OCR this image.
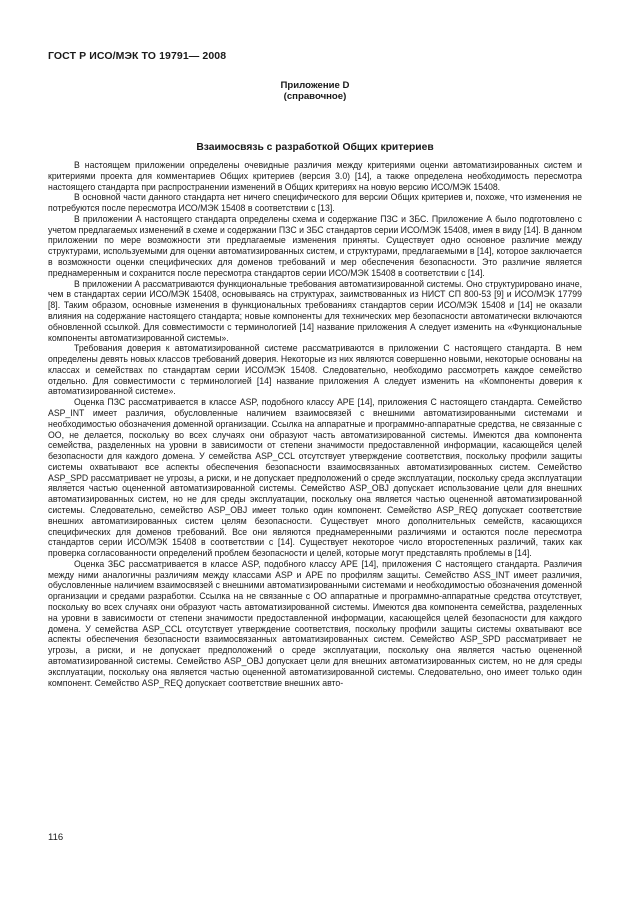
ГОСТ Р ИСО/МЭК ТО 19791— 2008
Приложение D
(справочное)
Взаимосвязь с разработкой Общих критериев

В настоящем приложении определены очевидные различия между критериями оценки автоматизированных систем и критериями проекта для комментариев Общих критериев (версия 3.0) [14], а также определена необходимость пересмотра настоящего стандарта при распространении изменений в Общих критериях на новую версию ИСО/МЭК 15408.

В основной части данного стандарта нет ничего специфического для версии Общих критериев и, похоже, что изменения не потребуются после пересмотра ИСО/МЭК 15408 в соответствии с [13].

В приложении А настоящего стандарта определены схема и содержание ПЗС и ЗБС. Приложение А было подготовлено с учетом предлагаемых изменений в схеме и содержании ПЗС и ЗБС стандартов серии ИСО/МЭК 15408, имея в виду [14]. В данном приложении по мере возможности эти предлагаемые изменения приняты. Существует одно основное различие между структурами, используемыми для оценки автоматизированных систем, и структурами, предлагаемыми в [14], которое заключается в возможности оценки специфических для доменов требований и мер обеспечения безопасности. Это различие является преднамеренным и сохранится после пересмотра стандартов серии ИСО/МЭК 15408 в соответствии с [14].

В приложении А рассматриваются функциональные требования автоматизированной системы. Оно структурировано иначе, чем в стандартах серии ИСО/МЭК 15408, основываясь на структурах, заимствованных из НИСТ СП 800-53 [9] и ИСО/МЭК 17799 [8]. Таким образом, основные изменения в функциональных требованиях стандартов серии ИСО/МЭК 15408 и [14] не оказали влияния на содержание настоящего стандарта; новые компоненты для технических мер безопасности автоматически включаются обновленной ссылкой. Для совместимости с терминологией [14] название приложения А следует изменить на «Функциональные компоненты автоматизированной системы».

Требования доверия к автоматизированной системе рассматриваются в приложении С настоящего стандарта. В нем определены девять новых классов требований доверия. Некоторые из них являются совершенно новыми, некоторые основаны на классах и семействах по стандартам серии ИСО/МЭК 15408. Следовательно, необходимо рассмотреть каждое семейство отдельно. Для совместимости с терминологией [14] название приложения А следует изменить на «Компоненты доверия к автоматизированной системе».

Оценка ПЗС рассматривается в классе ASP, подобного классу APE [14], приложения С настоящего стандарта. Семейство ASP_INT имеет различия, обусловленные наличием взаимосвязей с внешними автоматизированными системами и необходимостью обозначения доменной организации. Ссылка на аппаратные и программно-аппаратные средства, не связанные с ОО, не делается, поскольку во всех случаях они образуют часть автоматизированной системы. Имеются два компонента семейства, разделенных на уровни в зависимости от степени значимости предоставленной информации, касающейся целей безопасности для каждого домена. У семейства ASP_CCL отсутствует утверждение соответствия, поскольку профили защиты системы охватывают все аспекты обеспечения безопасности взаимосвязанных автоматизированных систем. Семейство ASP_SPD рассматривает не угрозы, а риски, и не допускает предположений о среде эксплуатации, поскольку среда эксплуатации является частью оцененной автоматизированной системы. Семейство ASP_OBJ допускает использование цели для внешних автоматизированных систем, но не для среды эксплуатации, поскольку она является частью оцененной автоматизированной системы. Следовательно, семейство ASP_OBJ имеет только один компонент. Семейство ASP_REQ допускает соответствие внешних автоматизированных систем целям безопасности. Существует много дополнительных семейств, касающихся специфических для доменов требований. Все они являются преднамеренными различиями и остаются после пересмотра стандартов серии ИСО/МЭК 15408 в соответствии с [14]. Существует некоторое число второстепенных различий, таких как проверка согласованности определений проблем безопасности и целей, которые могут представлять проблемы в [14].

Оценка ЗБС рассматривается в классе ASP, подобного классу APE [14], приложения С настоящего стандарта. Различия между ними аналогичны различиям между классами ASP и APE по профилям защиты. Семейство ASS_INT имеет различия, обусловленные наличием взаимосвязей с внешними автоматизированными системами и необходимостью обозначения доменной организации и средами разработки. Ссылка на не связанные с ОО аппаратные и программно-аппаратные средства отсутствует, поскольку во всех случаях они образуют часть автоматизированной системы. Имеются два компонента семейства, разделенных на уровни в зависимости от степени значимости предоставленной информации, касающейся целей безопасности для каждого домена. У семейства ASP_CCL отсутствует утверждение соответствия, поскольку профили защиты системы охватывают все аспекты обеспечения безопасности взаимосвязанных автоматизированных систем. Семейство ASP_SPD рассматривает не угрозы, а риски, и не допускает предположений о среде эксплуатации, поскольку она является частью оцененной автоматизированной системы. Семейство ASP_OBJ допускает цели для внешних автоматизированных систем, но не для среды эксплуатации, поскольку она является частью оцененной автоматизированной системы. Следовательно, оно имеет только один компонент. Семейство ASP_REQ допускает соответствие внешних авто-

116
